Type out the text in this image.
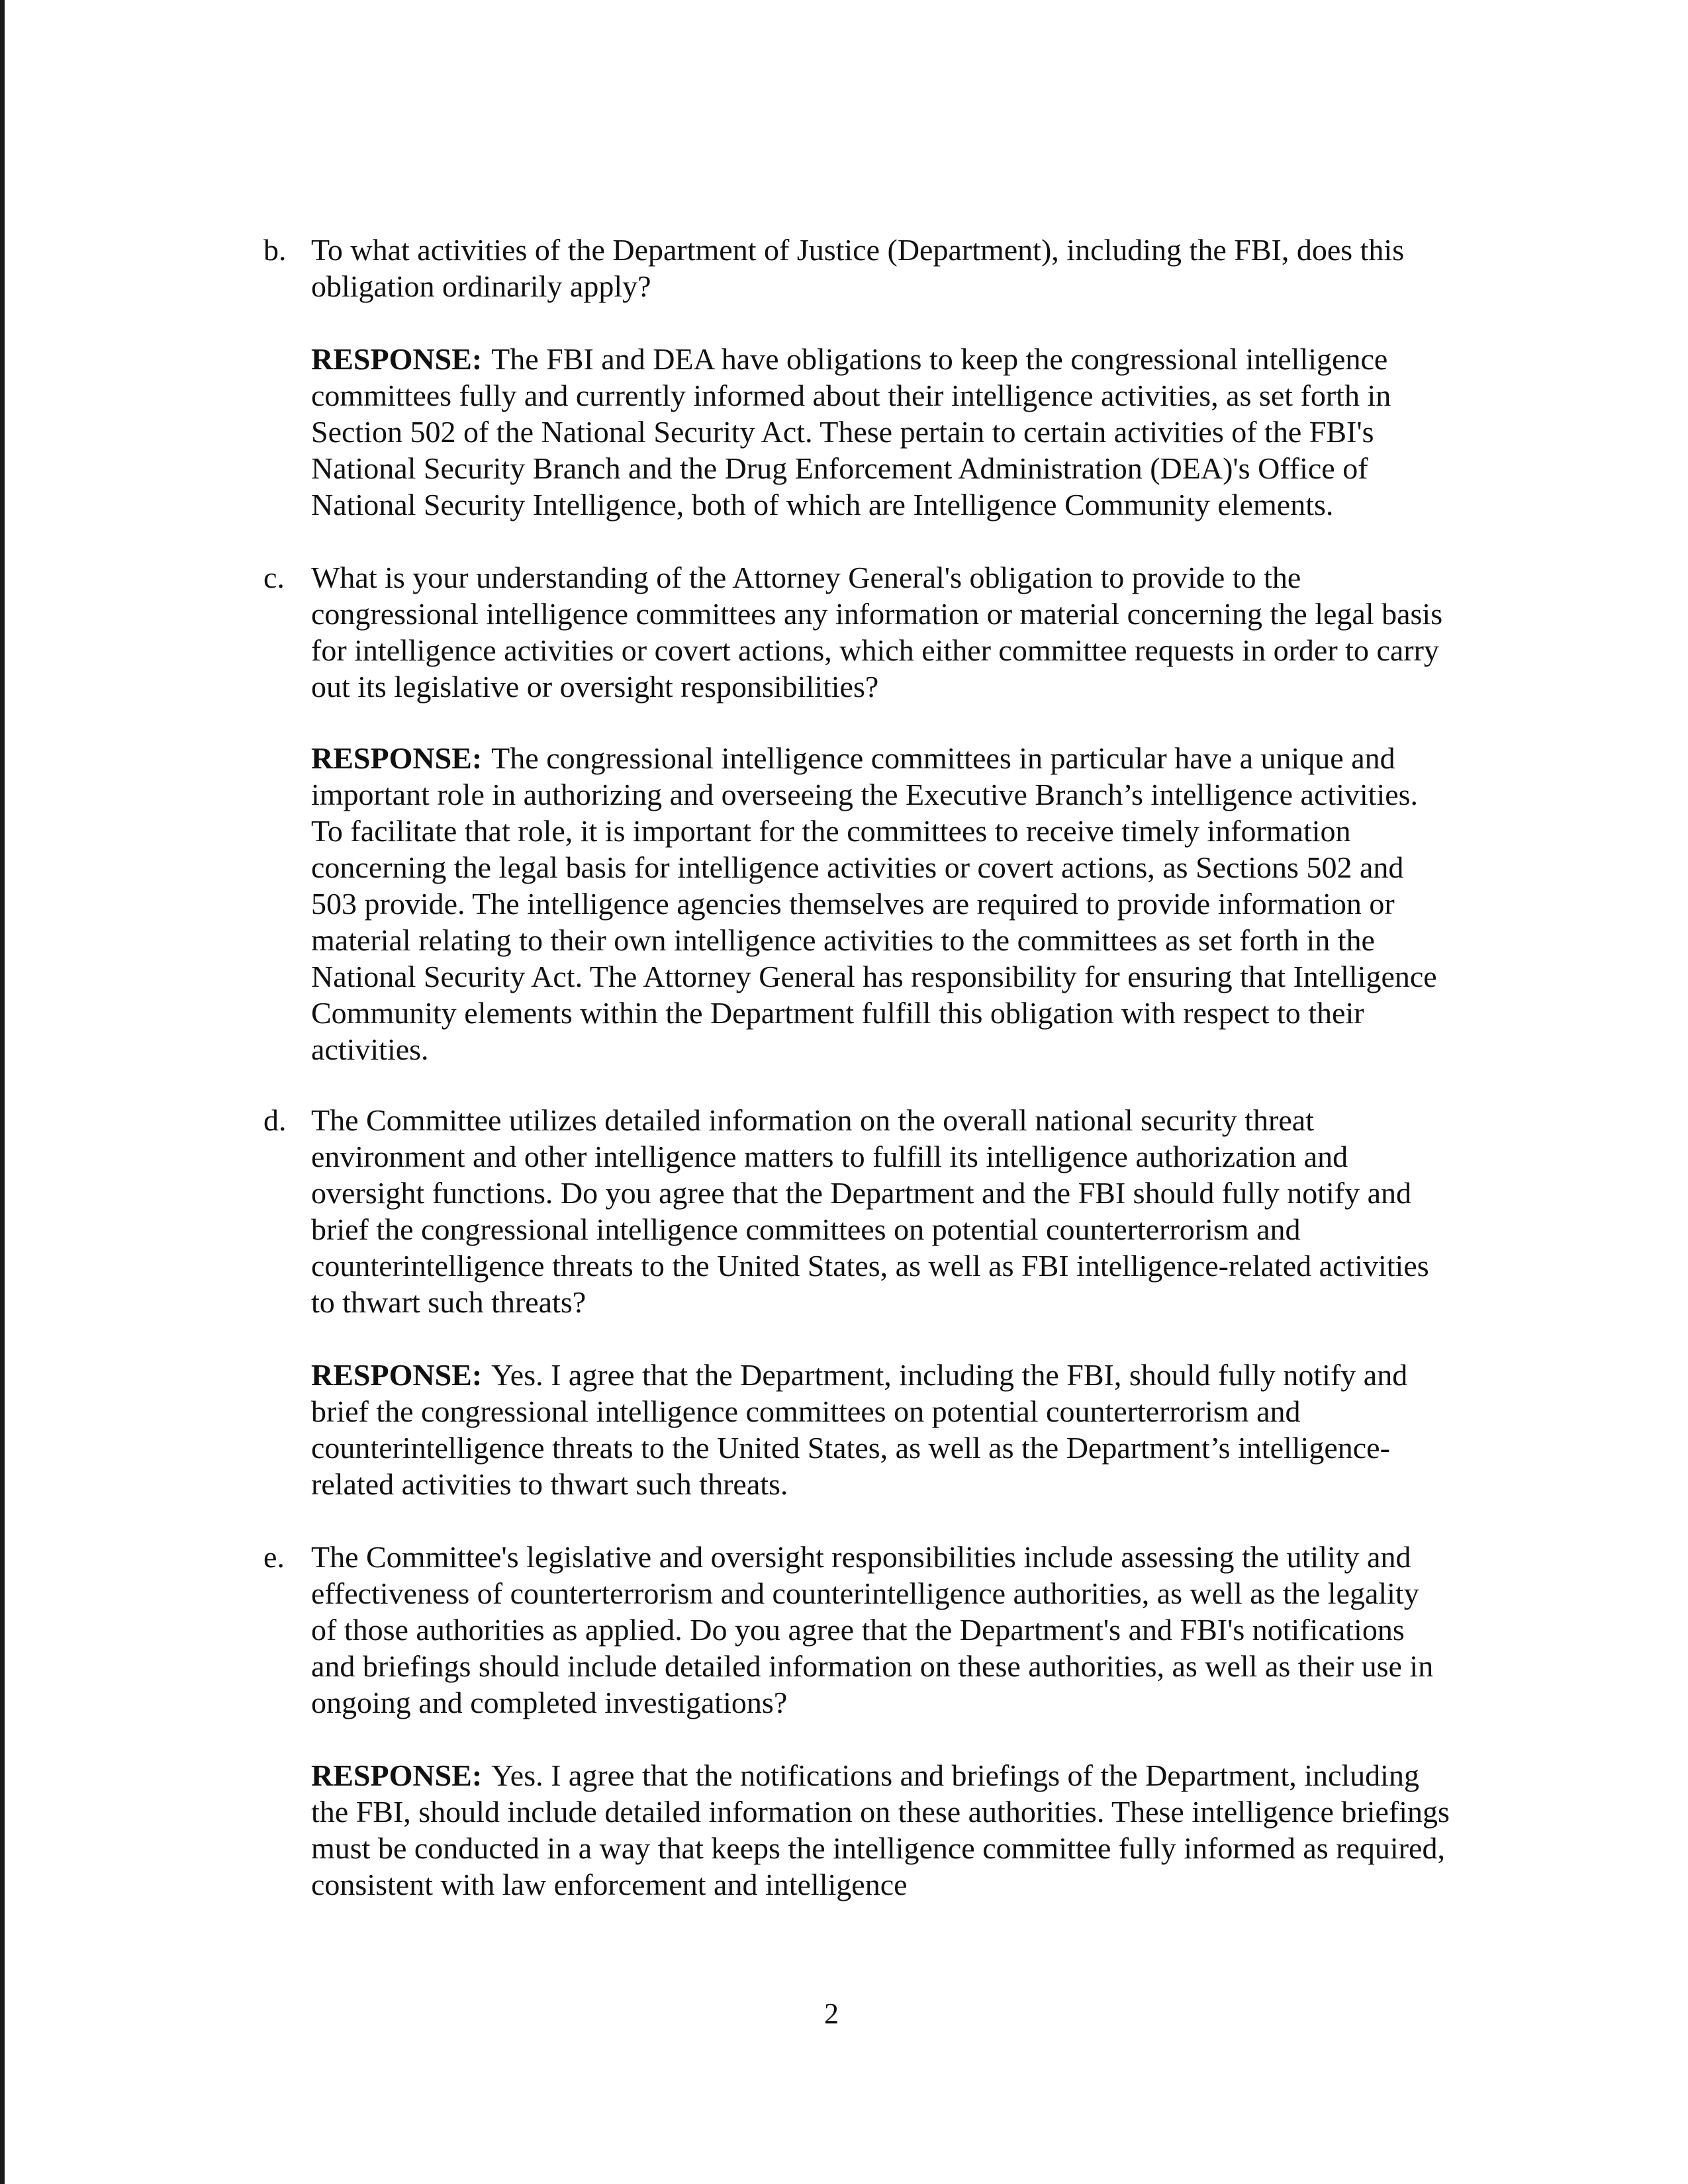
b. To what activities of the Department of Justice (Department), including the FBI, does this obligation ordinarily apply?

RESPONSE: The FBI and DEA have obligations to keep the congressional intelligence committees fully and currently informed about their intelligence activities, as set forth in Section 502 of the National Security Act. These pertain to certain activities of the FBI's National Security Branch and the Drug Enforcement Administration (DEA)'s Office of National Security Intelligence, both of which are Intelligence Community elements.

c. What is your understanding of the Attorney General's obligation to provide to the congressional intelligence committees any information or material concerning the legal basis for intelligence activities or covert actions, which either committee requests in order to carry out its legislative or oversight responsibilities?

RESPONSE: The congressional intelligence committees in particular have a unique and important role in authorizing and overseeing the Executive Branch’s intelligence activities. To facilitate that role, it is important for the committees to receive timely information concerning the legal basis for intelligence activities or covert actions, as Sections 502 and 503 provide. The intelligence agencies themselves are required to provide information or material relating to their own intelligence activities to the committees as set forth in the National Security Act. The Attorney General has responsibility for ensuring that Intelligence Community elements within the Department fulfill this obligation with respect to their activities.

d. The Committee utilizes detailed information on the overall national security threat environment and other intelligence matters to fulfill its intelligence authorization and oversight functions. Do you agree that the Department and the FBI should fully notify and brief the congressional intelligence committees on potential counterterrorism and counterintelligence threats to the United States, as well as FBI intelligence-related activities to thwart such threats?

RESPONSE: Yes. I agree that the Department, including the FBI, should fully notify and brief the congressional intelligence committees on potential counterterrorism and counterintelligence threats to the United States, as well as the Department’s intelligence-related activities to thwart such threats.

e. The Committee's legislative and oversight responsibilities include assessing the utility and effectiveness of counterterrorism and counterintelligence authorities, as well as the legality of those authorities as applied. Do you agree that the Department's and FBI's notifications and briefings should include detailed information on these authorities, as well as their use in ongoing and completed investigations?

RESPONSE: Yes. I agree that the notifications and briefings of the Department, including the FBI, should include detailed information on these authorities. These intelligence briefings must be conducted in a way that keeps the intelligence committee fully informed as required, consistent with law enforcement and intelligence

2
